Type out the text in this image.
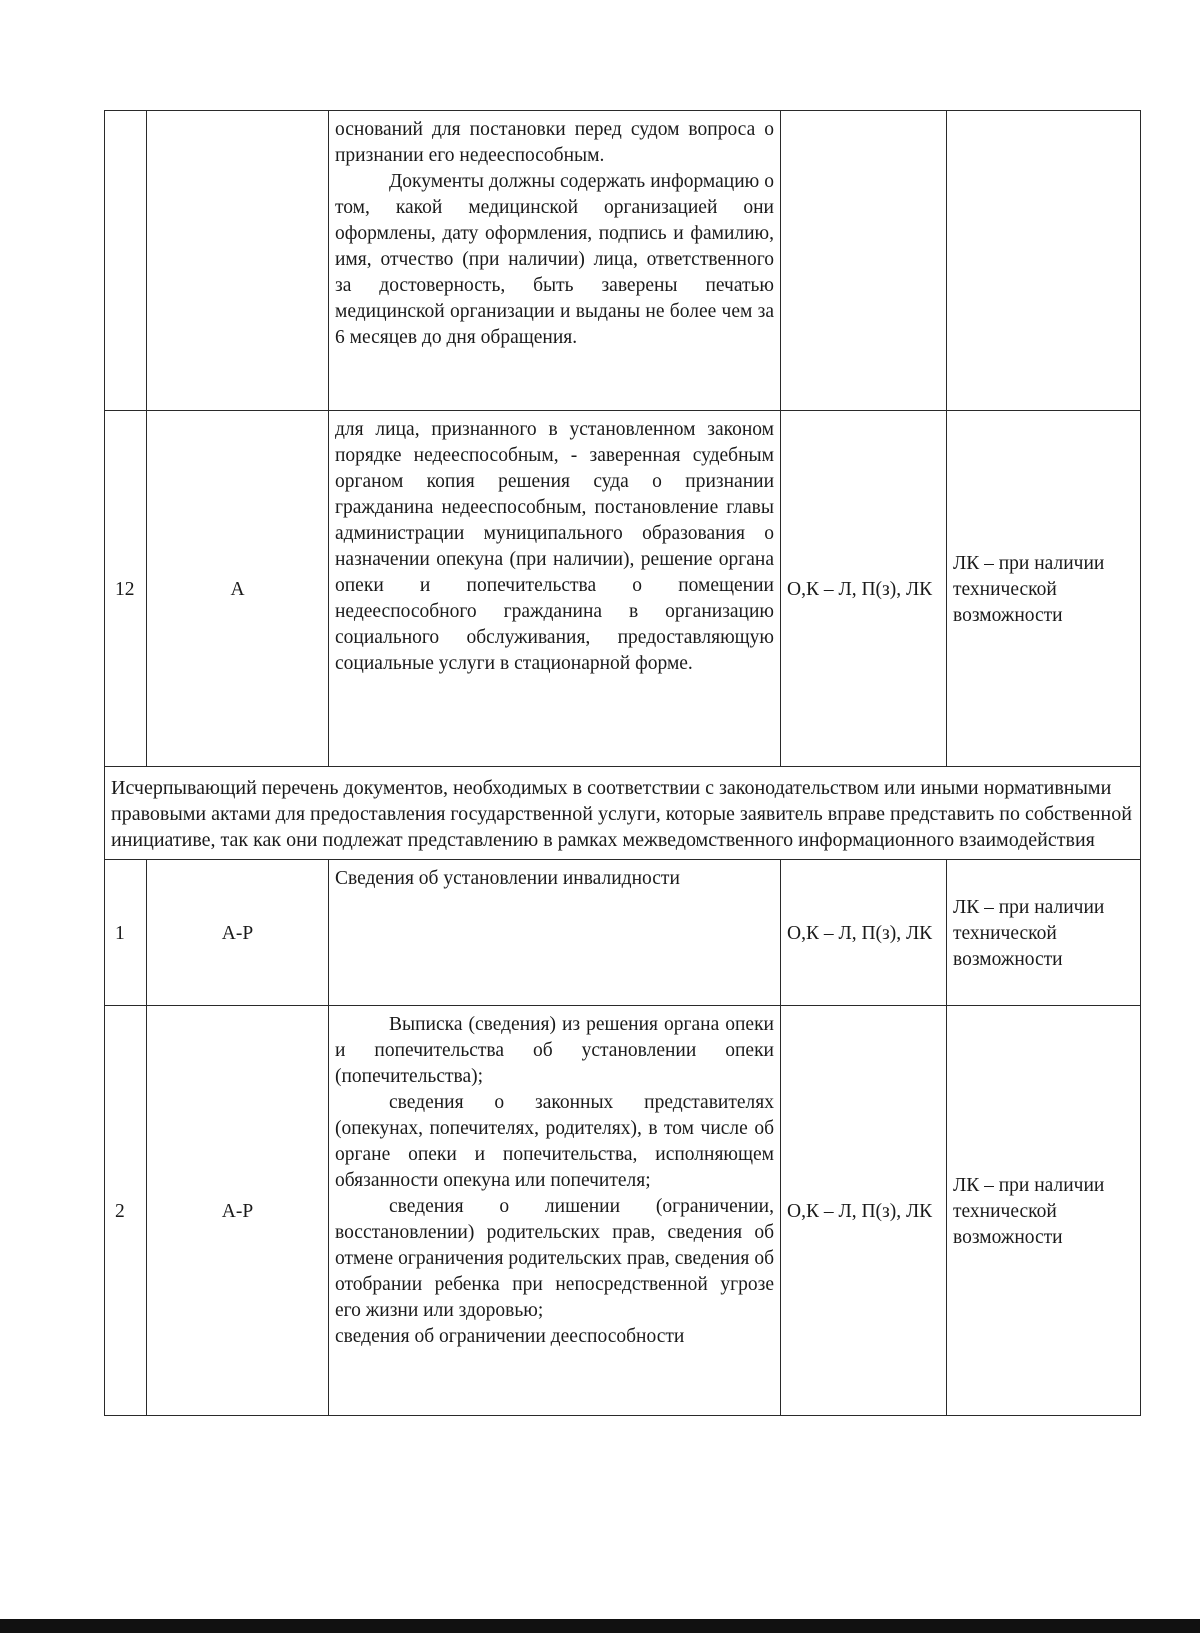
		оснований для постановки перед судом вопроса о признании его недееспособным.

Документы должны содержать информацию о том, какой медицинской организацией они оформлены, дату оформления, подпись и фамилию, имя, отчество (при наличии) лица, ответственного за достоверность, быть заверены печатью медицинской организации и выданы не более чем за 6 месяцев до дня обращения.		

12	А	для лица, признанного в установленном законом порядке недееспособным, - заверенная судебным органом копия решения суда о признании гражданина недееспособным, постановление главы администрации муниципального образования о назначении опекуна (при наличии), решение органа опеки и попечительства о помещении недееспособного гражданина в организацию социального обслуживания, предоставляющую социальные услуги в стационарной форме.	О,К – Л, П(з), ЛК	ЛК – при наличии технической возможности
Исчерпывающий перечень документов, необходимых в соответствии с законодательством или иными нормативными правовыми актами для предоставления государственной услуги, которые заявитель вправе представить по собственной инициативе, так как они подлежат представлению в рамках межведомственного информационного взаимодействия				
1	А-Р	Сведения об установлении инвалидности	О,К – Л, П(з), ЛК	ЛК – при наличии технической возможности
2	А-Р	Выписка (сведения) из решения органа опеки и попечительства об установлении опеки (попечительства);

сведения о законных представителях (опекунах, попечителях, родителях), в том числе об органе опеки и попечительства, исполняющем обязанности опекуна или попечителя;

сведения о лишении (ограничении, восстановлении) родительских прав, сведения об отмене ограничения родительских прав, сведения об отобрании ребенка при непосредственной угрозе его жизни или здоровью;

сведения об ограничении дееспособности	О,К – Л, П(з), ЛК	ЛК – при наличии технической возможности
